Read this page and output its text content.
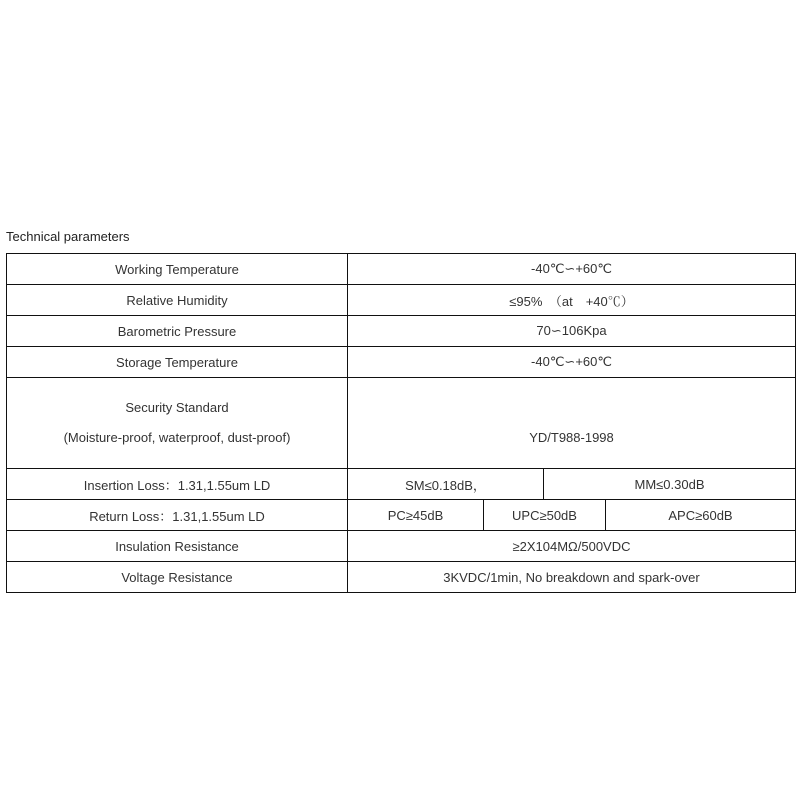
Technical parameters
Working Temperature	-40℃∽+60℃			
Relative Humidity	≤95%　（at　+40℃）			
Barometric Pressure	70∽106Kpa			
Storage Temperature	-40℃∽+60℃			

Security Standard
(Moisture-proof, waterproof, dust-proof)	YD/T988-1998			
Insertion Loss：1.31,1.55um LD	SM≤0.18dB，		MM≤0.30dB	
Return Loss：1.31,1.55um LD	PC≥45dB	UPC≥50dB		APC≥60dB
Insulation Resistance	≥2X104MΩ/500VDC			
Voltage Resistance	3KVDC/1min, No breakdown and spark-over			
